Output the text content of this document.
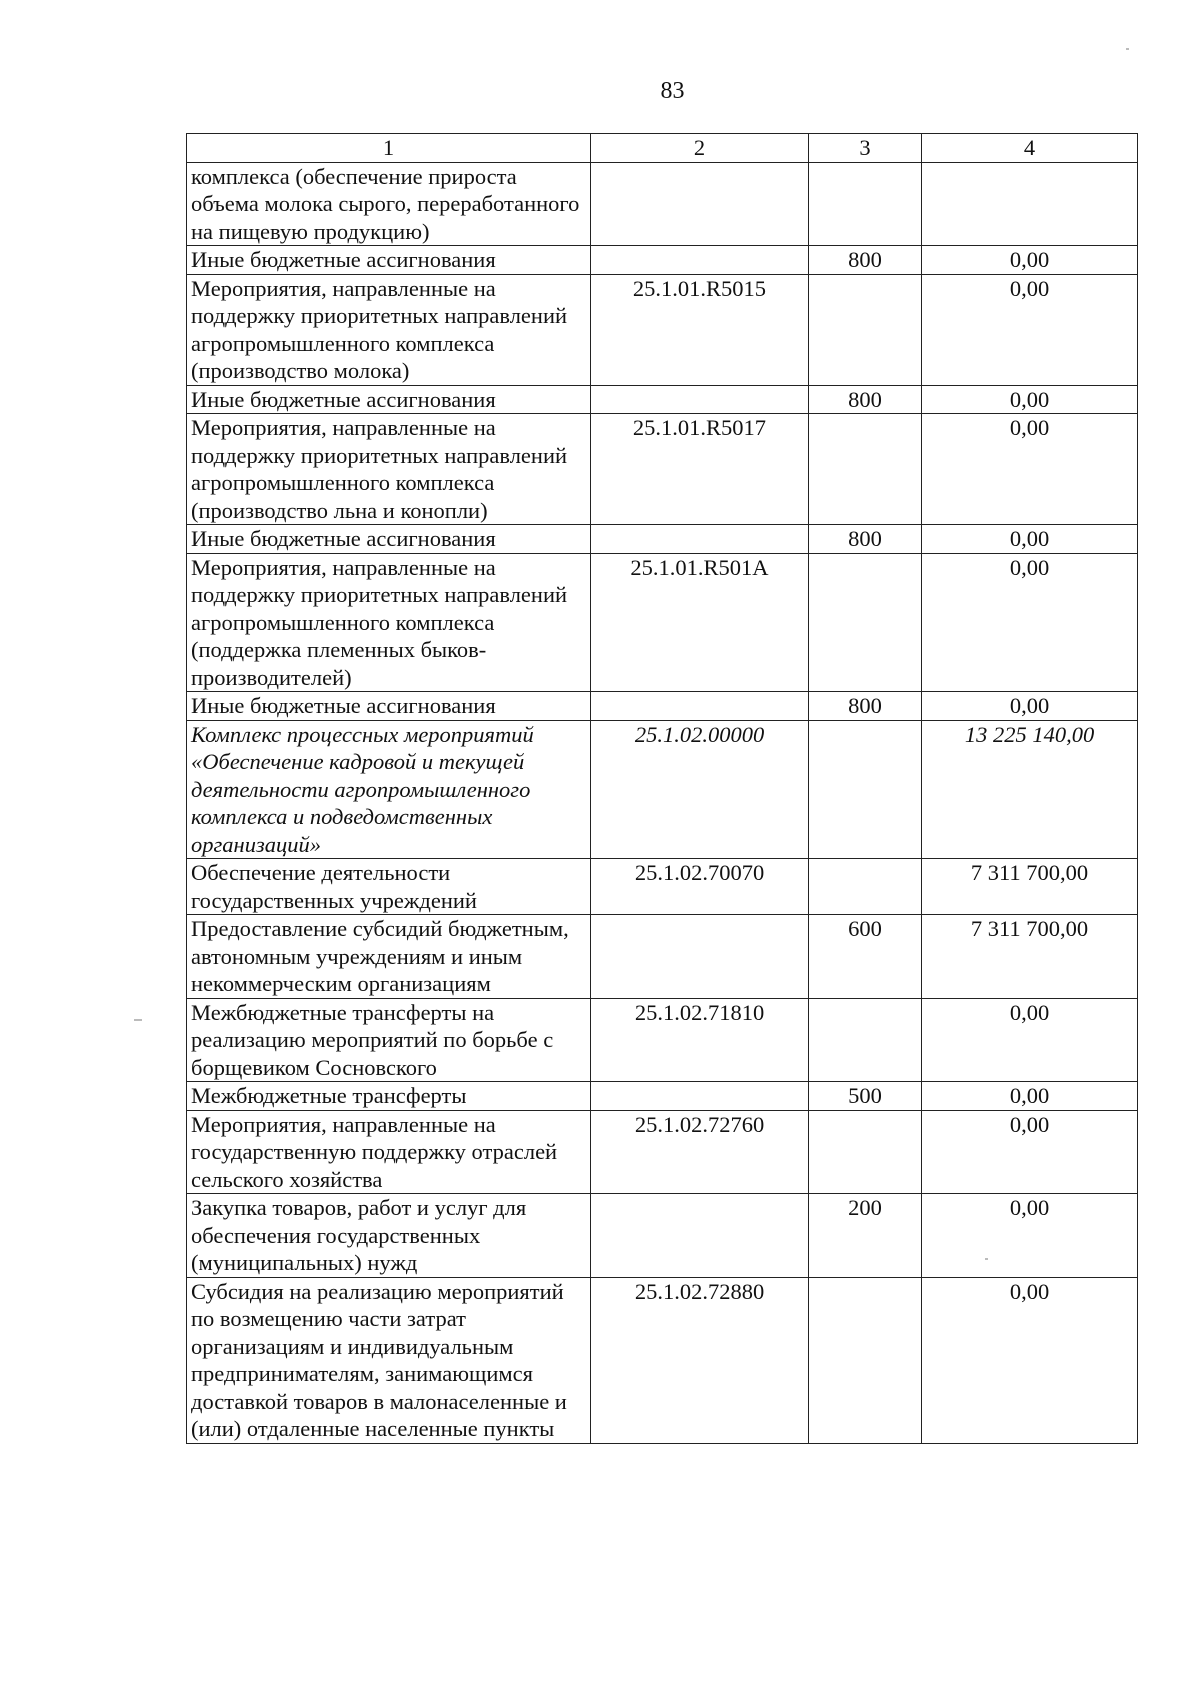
83
1	2	3	4
комплекса (обеспечение прироста объема молока сырого, переработанного на пищевую продукцию)			
Иные бюджетные ассигнования		800	0,00
Мероприятия, направленные на поддержку приоритетных направлений агропромышленного комплекса (производство молока)	25.1.01.R5015		0,00
Иные бюджетные ассигнования		800	0,00
Мероприятия, направленные на поддержку приоритетных направлений агропромышленного комплекса (производство льна и конопли)	25.1.01.R5017		0,00
Иные бюджетные ассигнования		800	0,00
Мероприятия, направленные на поддержку приоритетных направлений агропромышленного комплекса (поддержка племенных быков-производителей)	25.1.01.R501A		0,00
Иные бюджетные ассигнования		800	0,00
Комплекс процессных мероприятий «Обеспечение кадровой и текущей деятельности агропромышленного комплекса и подведомственных организаций»	25.1.02.00000		13 225 140,00
Обеспечение деятельности государственных учреждений	25.1.02.70070		7 311 700,00
Предоставление субсидий бюджетным, автономным учреждениям и иным некоммерческим организациям		600	7 311 700,00
Межбюджетные трансферты на реализацию мероприятий по борьбе с борщевиком Сосновского	25.1.02.71810		0,00
Межбюджетные трансферты		500	0,00
Мероприятия, направленные на государственную поддержку отраслей сельского хозяйства	25.1.02.72760		0,00
Закупка товаров, работ и услуг для обеспечения государственных (муниципальных) нужд		200	0,00
Субсидия на реализацию мероприятий по возмещению части затрат организациям и индивидуальным предпринимателям, занимающимся доставкой товаров в малонаселенные и (или) отдаленные населенные пункты	25.1.02.72880		0,00
